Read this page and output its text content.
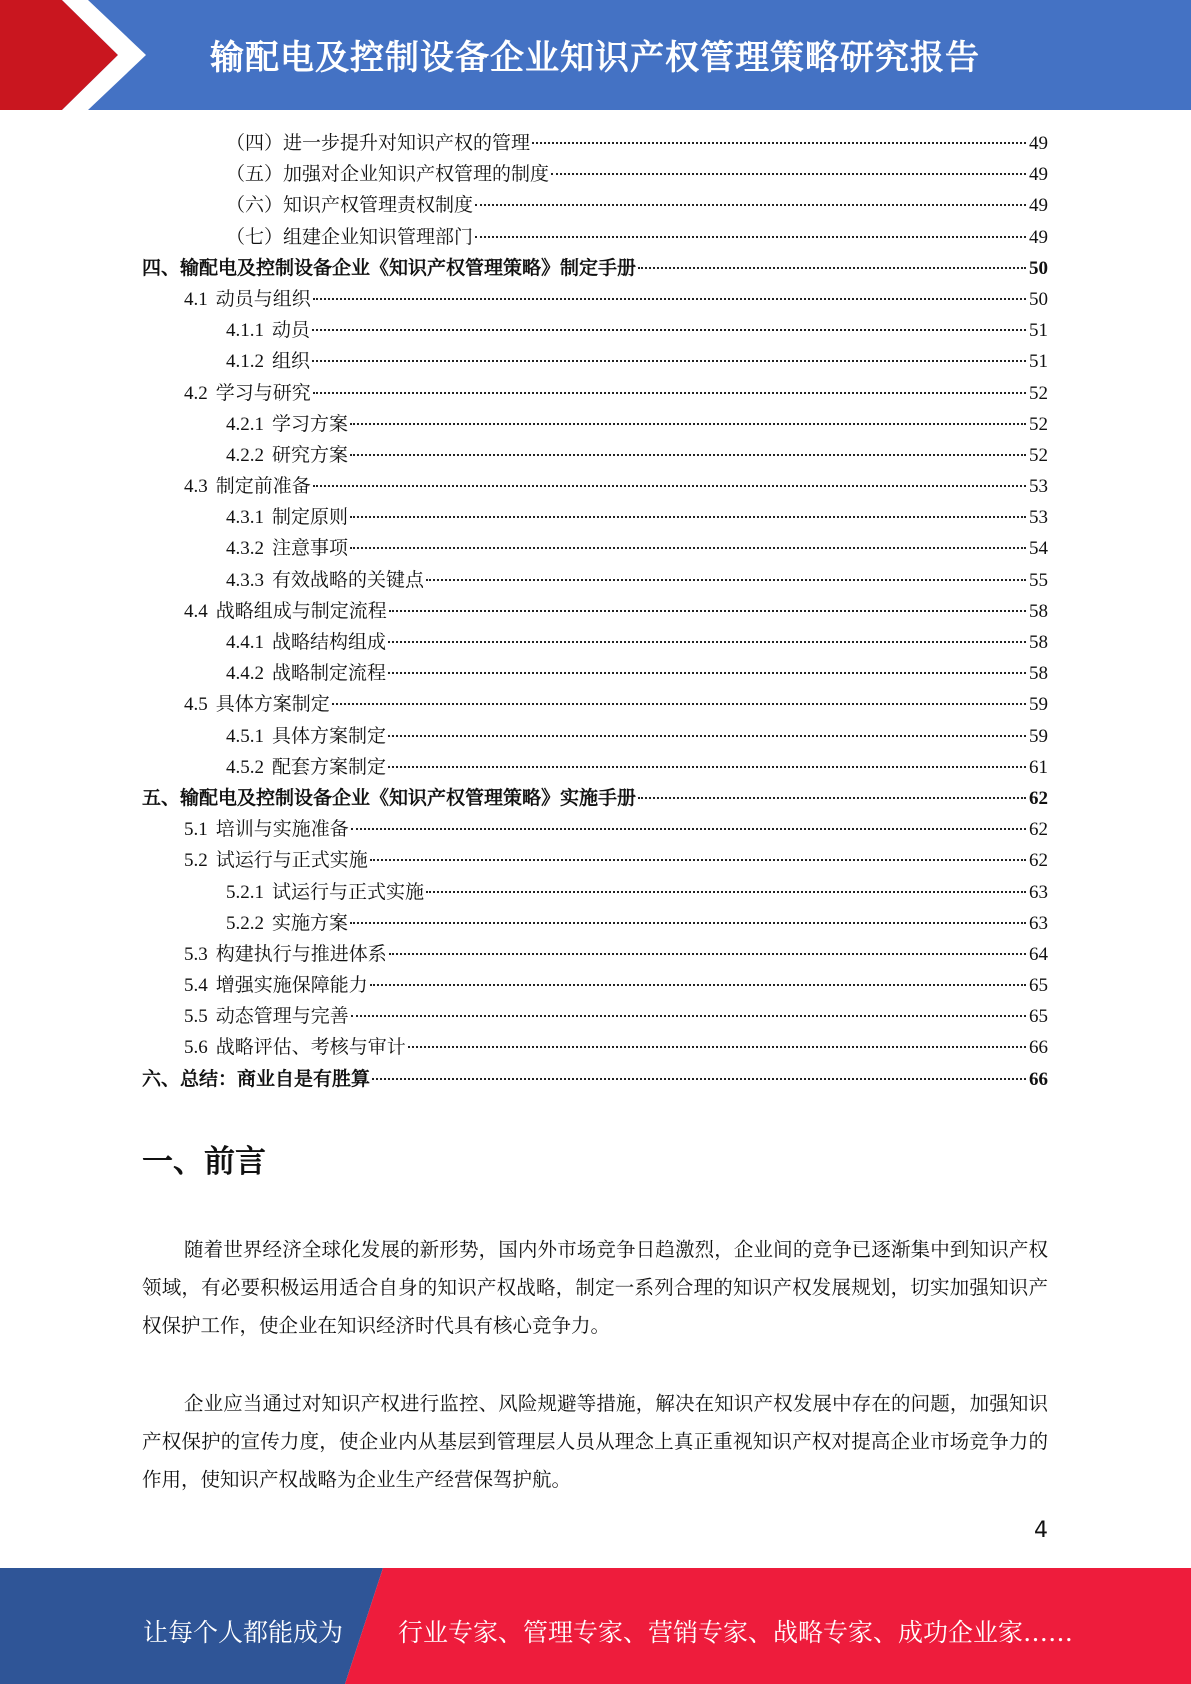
输配电及控制设备企业知识产权管理策略研究报告
（四）进一步提升对知识产权的管理	49
（五）加强对企业知识产权管理的制度	49
（六）知识产权管理责权制度	49
（七）组建企业知识管理部门	49
四、输配电及控制设备企业《知识产权管理策略》制定手册	50
4.1 动员与组织	50
4.1.1 动员	51
4.1.2 组织	51
4.2 学习与研究	52
4.2.1 学习方案	52
4.2.2 研究方案	52
4.3 制定前准备	53
4.3.1 制定原则	53
4.3.2 注意事项	54
4.3.3 有效战略的关键点	55
4.4 战略组成与制定流程	58
4.4.1 战略结构组成	58
4.4.2 战略制定流程	58
4.5 具体方案制定	59
4.5.1 具体方案制定	59
4.5.2 配套方案制定	61
五、输配电及控制设备企业《知识产权管理策略》实施手册	62
5.1 培训与实施准备	62
5.2 试运行与正式实施	62
5.2.1 试运行与正式实施	63
5.2.2 实施方案	63
5.3 构建执行与推进体系	64
5.4 增强实施保障能力	65
5.5 动态管理与完善	65
5.6 战略评估、考核与审计	66
六、总结：商业自是有胜算	66
一、前言
随着世界经济全球化发展的新形势，国内外市场竞争日趋激烈，企业间的竞争已逐渐集中到知识产权领域，有必要积极运用适合自身的知识产权战略，制定一系列合理的知识产权发展规划，切实加强知识产权保护工作，使企业在知识经济时代具有核心竞争力。
企业应当通过对知识产权进行监控、风险规避等措施，解决在知识产权发展中存在的问题，加强知识产权保护的宣传力度，使企业内从基层到管理层人员从理念上真正重视知识产权对提高企业市场竞争力的作用，使知识产权战略为企业生产经营保驾护航。
4
让每个人都能成为 行业专家、管理专家、营销专家、战略专家、成功企业家……
